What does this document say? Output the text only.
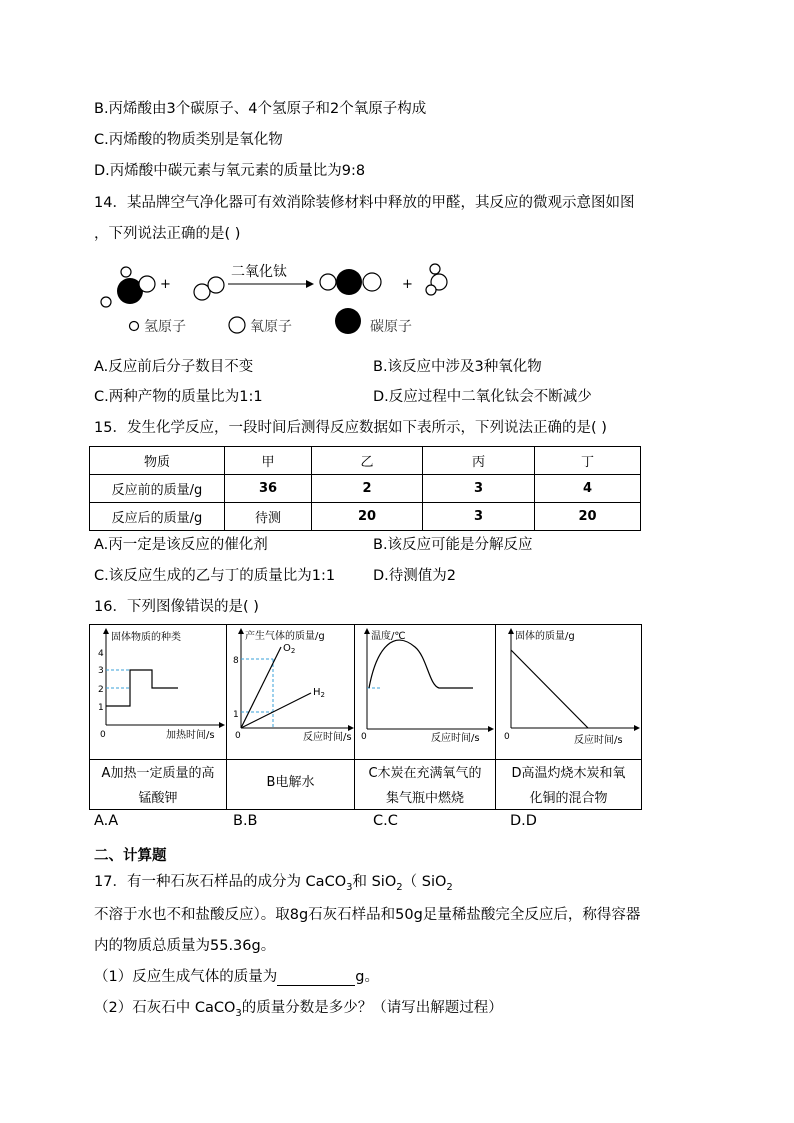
B.丙烯酸由3个碳原子、4个氢原子和2个氧原子构成
C.丙烯酸的物质类别是氧化物
D.丙烯酸中碳元素与氧元素的质量比为9:8
14．某品牌空气净化器可有效消除装修材料中释放的甲醛，其反应的微观示意图如图
，下列说法正确的是( )
+
二氧化钛
+
氢原子	氧原子	碳原子
A.反应前后分子数目不变	B.该反应中涉及3种氧化物
C.两种产物的质量比为1:1	D.反应过程中二氧化钛会不断减少
15．发生化学反应，一段时间后测得反应数据如下表所示，下列说法正确的是( )
物质	甲	乙	丙	丁
反应前的质量/g	36	2	3	4
反应后的质量/g	待测	20	3	20
A.丙一定是该反应的催化剂	B.该反应可能是分解反应
C.该反应生成的乙与丁的质量比为1:1	D.待测值为2
16．下列图像错误的是( )
固体物质的种类
加热时间/s
0
4
3
2
1
A加热一定质量的高
锰酸钾
产生气体的质量/g
反应时间/s
0
8
1
$O_2$
$H_2$
B电解水
温度/℃
反应时间/s
0
C木炭在充满氧气的
集气瓶中燃烧
固体的质量/g
反应时间/s
0
D高温灼烧木炭和氧
化铜的混合物
A.A	B.B	C.C	D.D
二、计算题
17．有一种石灰石样品的成分为 CaCO$_3$和 SiO$_2$（ SiO$_2$
不溶于水也不和盐酸反应）。取8g石灰石样品和50g足量稀盐酸完全反应后，称得容器
内的物质总质量为55.36g。
（1）反应生成气体的质量为	g。
（2）石灰石中 CaCO$_3$的质量分数是多少？（请写出解题过程）
